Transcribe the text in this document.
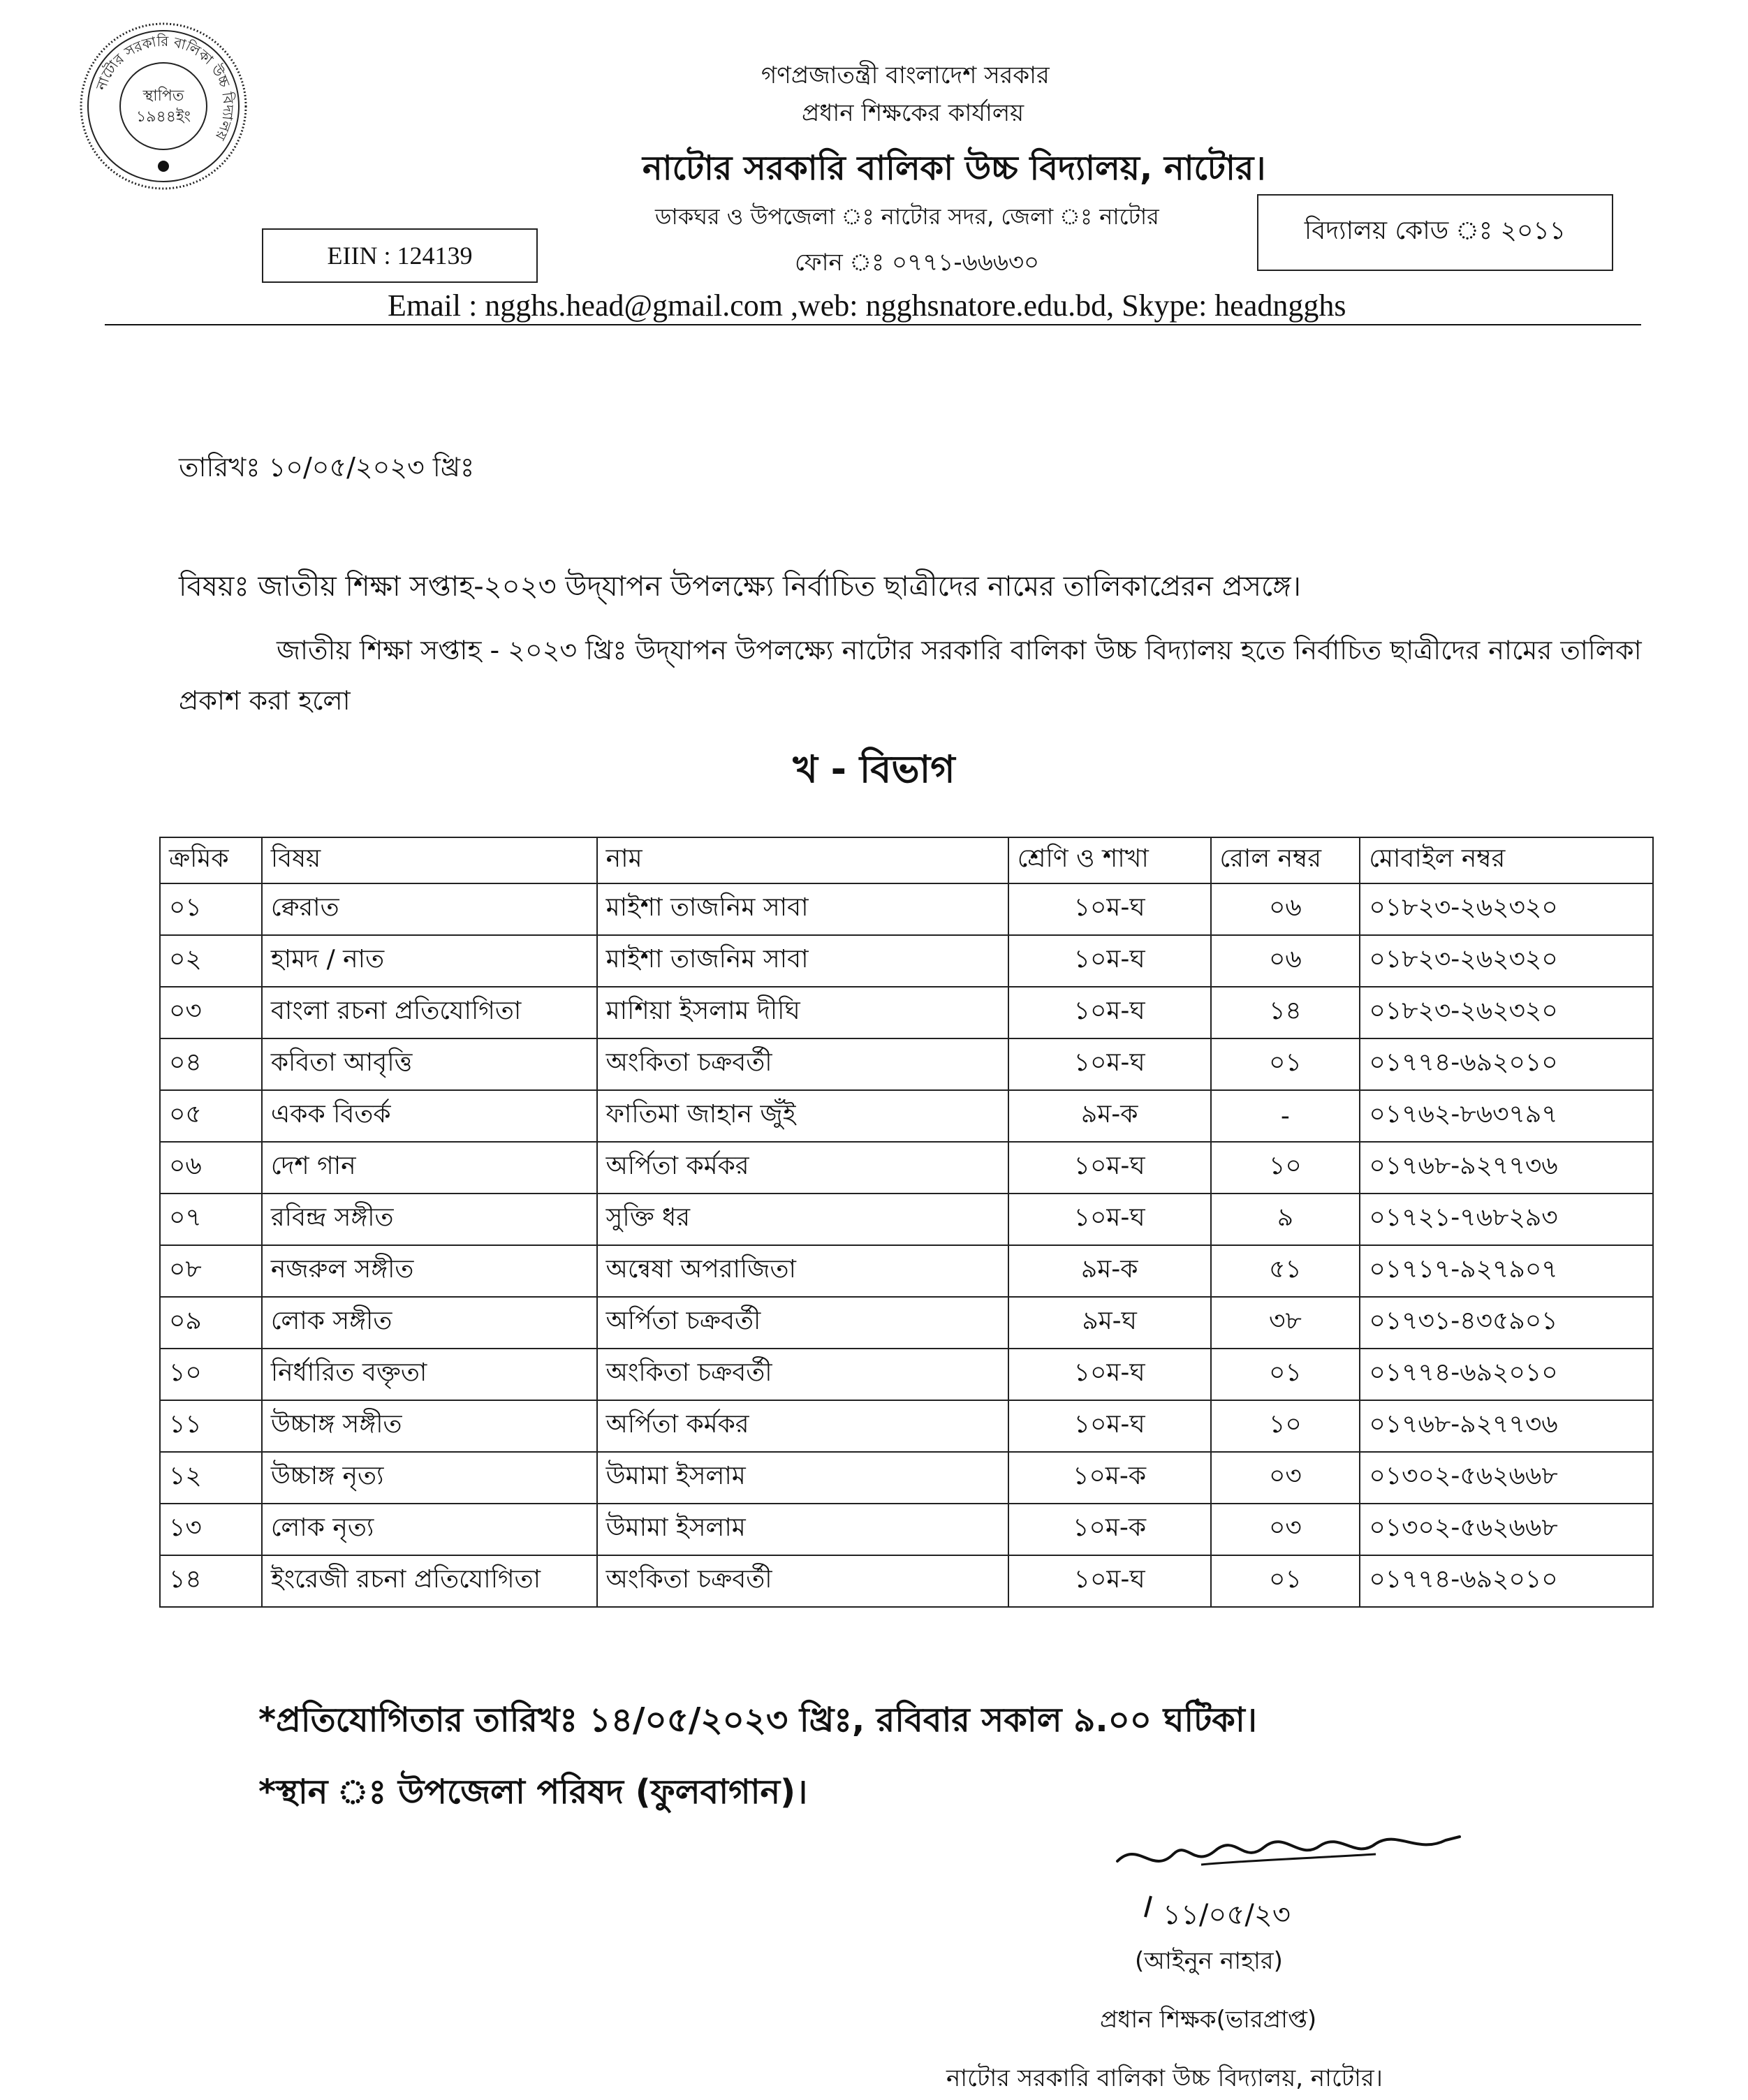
নাটোর সরকারি বালিকা উচ্চ বিদ্যালয়
স্থাপিত
১৯৪৪ইং
গণপ্রজাতন্ত্রী বাংলাদেশ সরকার
প্রধান শিক্ষকের কার্যালয়
নাটোর সরকারি বালিকা উচ্চ বিদ্যালয়, নাটোর।
ডাকঘর ও উপজেলা ঃ নাটোর সদর, জেলা ঃ নাটোর
ফোন ঃ ০৭৭১-৬৬৬৩০
EIIN : 124139
বিদ্যালয় কোড ঃ ২০১১
Email : ngghs.head@gmail.com ,web: ngghsnatore.edu.bd, Skype: headngghs
তারিখঃ ১০/০৫/২০২৩ খ্রিঃ
বিষয়ঃ জাতীয় শিক্ষা সপ্তাহ-২০২৩ উদ্‌যাপন উপলক্ষ্যে নির্বাচিত ছাত্রীদের নামের তালিকাপ্রেরন প্রসঙ্গে।
জাতীয় শিক্ষা সপ্তাহ - ২০২৩ খ্রিঃ উদ্‌যাপন উপলক্ষ্যে নাটোর সরকারি বালিকা উচ্চ বিদ্যালয় হতে নির্বাচিত ছাত্রীদের নামের তালিকা প্রকাশ করা হলো
খ - বিভাগ
ক্রমিক	বিষয়	নাম	শ্রেণি ও শাখা	রোল নম্বর	মোবাইল নম্বর
০১	ক্বেরাত	মাইশা তাজনিম সাবা	১০ম-ঘ	০৬	০১৮২৩-২৬২৩২০
০২	হামদ / নাত	মাইশা তাজনিম সাবা	১০ম-ঘ	০৬	০১৮২৩-২৬২৩২০
০৩	বাংলা রচনা প্রতিযোগিতা	মাশিয়া ইসলাম দীঘি	১০ম-ঘ	১৪	০১৮২৩-২৬২৩২০
০৪	কবিতা আবৃত্তি	অংকিতা চক্রবর্তী	১০ম-ঘ	০১	০১৭৭৪-৬৯২০১০
০৫	একক বিতর্ক	ফাতিমা জাহান জুঁই	৯ম-ক	-	০১৭৬২-৮৬৩৭৯৭
০৬	দেশ গান	অর্পিতা কর্মকর	১০ম-ঘ	১০	০১৭৬৮-৯২৭৭৩৬
০৭	রবিন্দ্র সঙ্গীত	সুক্তি ধর	১০ম-ঘ	৯	০১৭২১-৭৬৮২৯৩
০৮	নজরুল সঙ্গীত	অন্বেষা অপরাজিতা	৯ম-ক	৫১	০১৭১৭-৯২৭৯০৭
০৯	লোক সঙ্গীত	অর্পিতা চক্রবর্তী	৯ম-ঘ	৩৮	০১৭৩১-৪৩৫৯০১
১০	নির্ধারিত বক্তৃতা	অংকিতা চক্রবর্তী	১০ম-ঘ	০১	০১৭৭৪-৬৯২০১০
১১	উচ্চাঙ্গ সঙ্গীত	অর্পিতা কর্মকর	১০ম-ঘ	১০	০১৭৬৮-৯২৭৭৩৬
১২	উচ্চাঙ্গ নৃত্য	উমামা ইসলাম	১০ম-ক	০৩	০১৩০২-৫৬২৬৬৮
১৩	লোক নৃত্য	উমামা ইসলাম	১০ম-ক	০৩	০১৩০২-৫৬২৬৬৮
১৪	ইংরেজী রচনা প্রতিযোগিতা	অংকিতা চক্রবর্তী	১০ম-ঘ	০১	০১৭৭৪-৬৯২০১০
*প্রতিযোগিতার তারিখঃ ১৪/০৫/২০২৩ খ্রিঃ, রবিবার সকাল ৯.০০ ঘটিকা।
*স্থান ঃ উপজেলা পরিষদ (ফুলবাগান)।
১১/০৫/২৩
(আইনুন নাহার)
প্রধান শিক্ষক(ভারপ্রাপ্ত)
নাটোর সরকারি বালিকা উচ্চ বিদ্যালয়, নাটোর।
